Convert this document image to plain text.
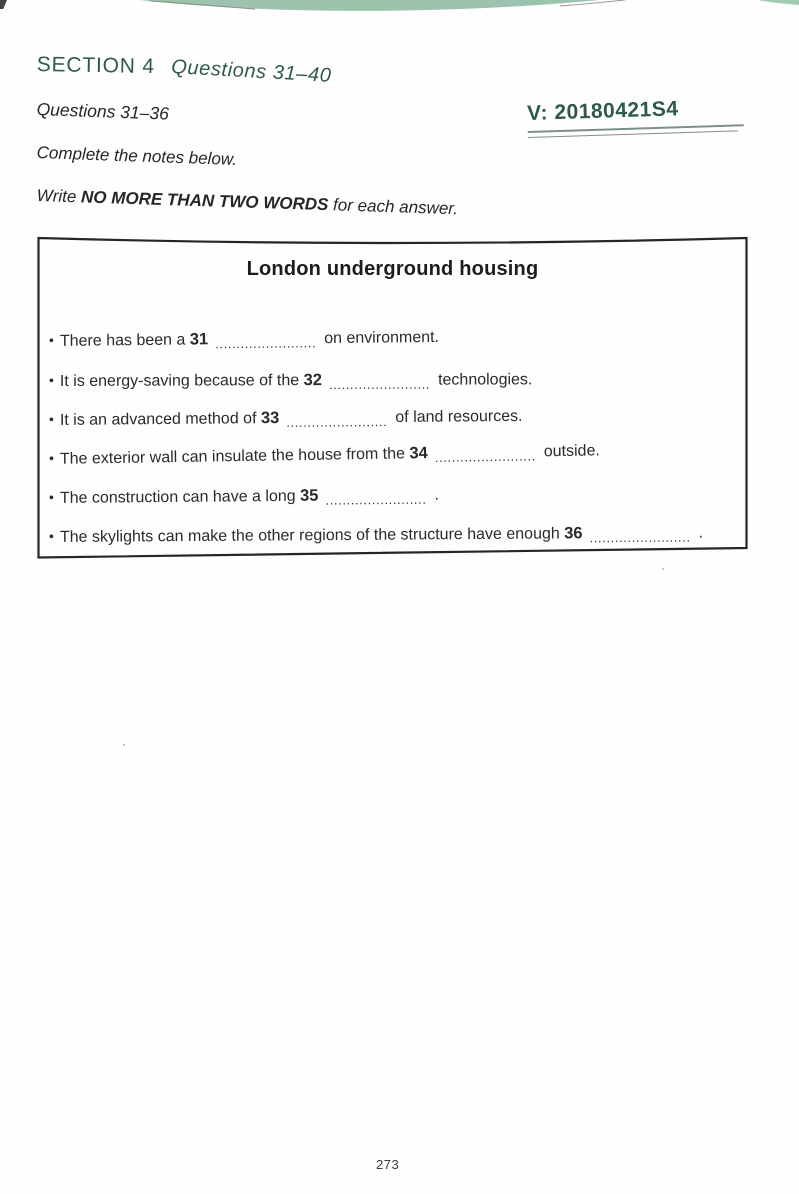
SECTION 4 Questions 31–40
Questions 31–36	V: 20180421S4
Complete the notes below.
Write NO MORE THAN TWO WORDS for each answer.
London underground housing
• There has been a 31 ........................ on environment.
• It is energy-saving because of the 32 ........................ technologies.
• It is an advanced method of 33 ........................ of land resources.
• The exterior wall can insulate the house from the 34 ........................ outside.
• The construction can have a long 35 ........................ .
• The skylights can make the other regions of the structure have enough 36 ........................ .
273
